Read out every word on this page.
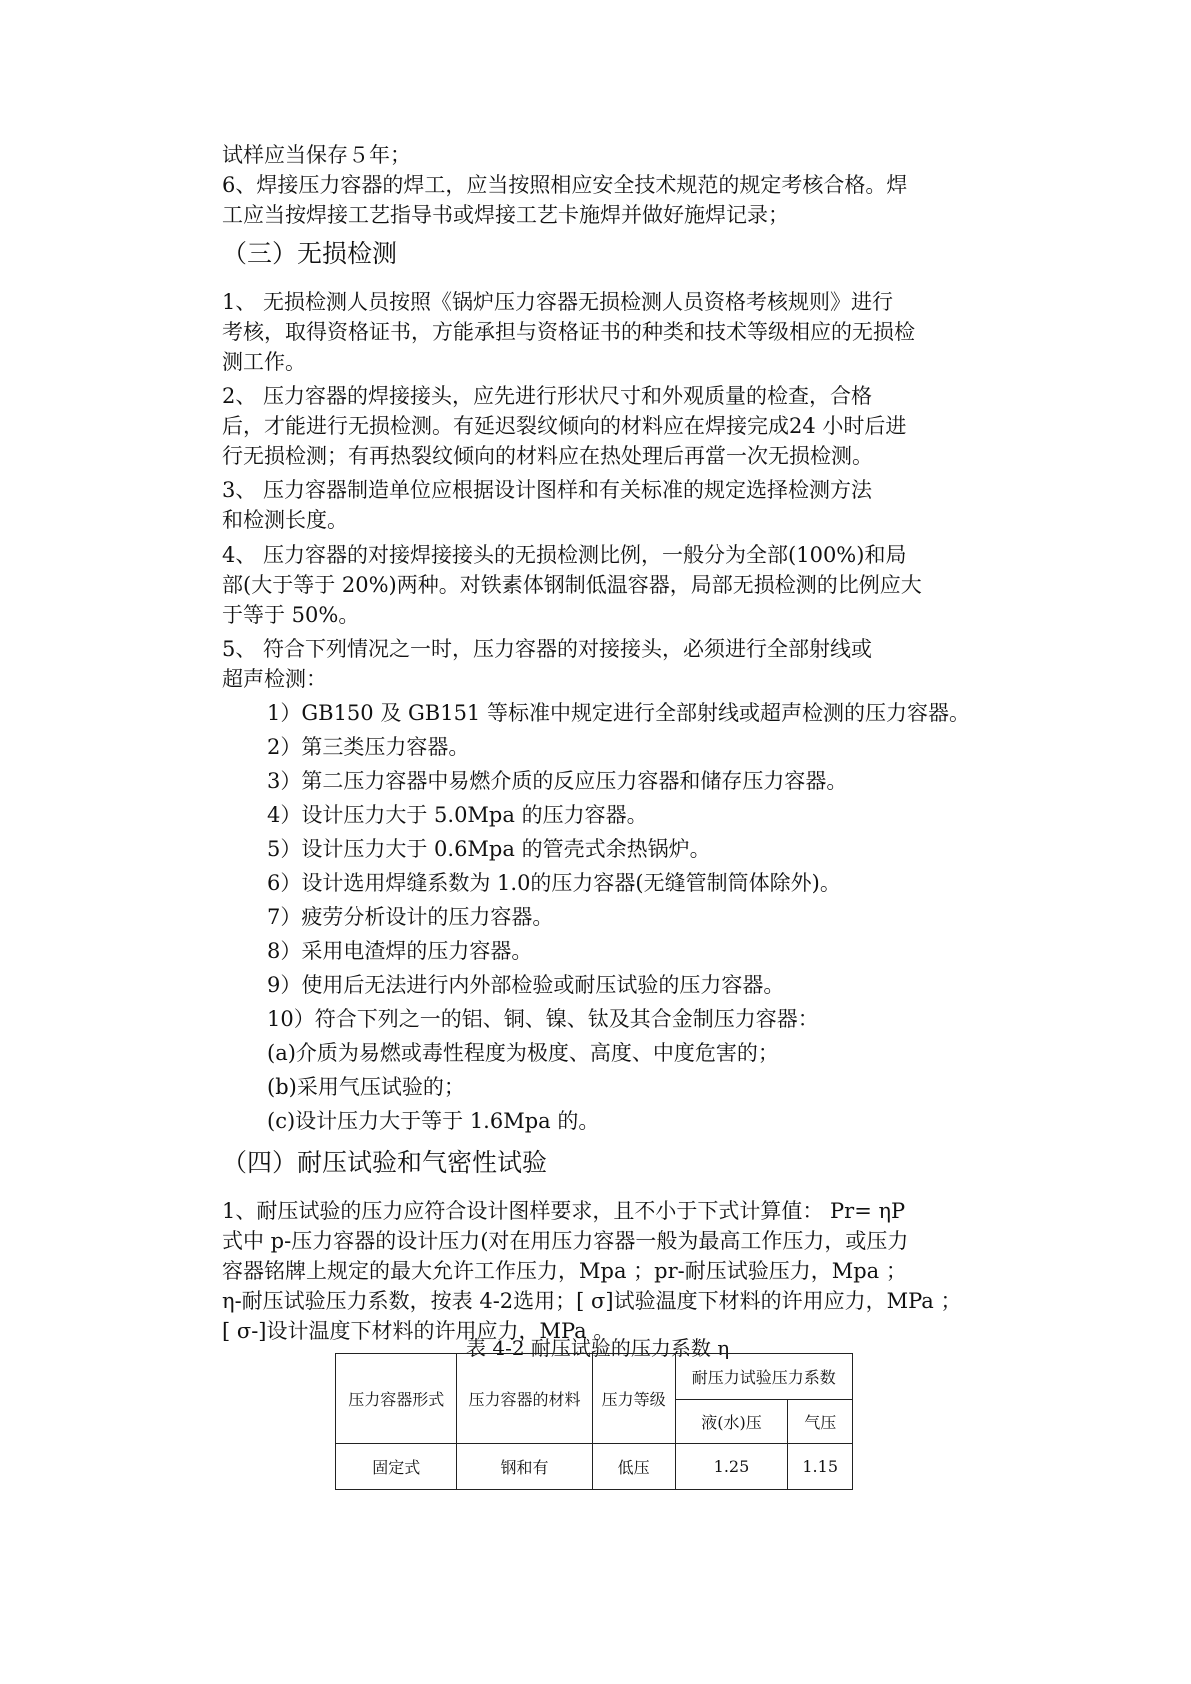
试样应当保存５年；
6、焊接压力容器的焊工，应当按照相应安全技术规范的规定考核合格。焊
工应当按焊接工艺指导书或焊接工艺卡施焊并做好施焊记录；
（三）无损检测
1、 无损检测人员按照《锅炉压力容器无损检测人员资格考核规则》进行
考核，取得资格证书，方能承担与资格证书的种类和技术等级相应的无损检
测工作。
2、 压力容器的焊接接头，应先进行形状尺寸和外观质量的检查，合格
后，才能进行无损检测。有延迟裂纹倾向的材料应在焊接完成24 小时后进
行无损检测；有再热裂纹倾向的材料应在热处理后再當一次无损检测。
3、 压力容器制造单位应根据设计图样和有关标准的规定选择检测方法
和检测长度。
4、 压力容器的对接焊接接头的无损检测比例，一般分为全部(100%)和局
部(大于等于 20%)两种。对铁素体钢制低温容器，局部无损检测的比例应大
于等于 50%。
5、 符合下列情况之一时，压力容器的对接接头，必须进行全部射线或
超声检测：
1）GB150 及 GB151 等标准中规定进行全部射线或超声检测的压力容器。
2）第三类压力容器。
3）第二压力容器中易燃介质的反应压力容器和储存压力容器。
4）设计压力大于 5.0Mpa 的压力容器。
5）设计压力大于 0.6Mpa 的管壳式余热锅炉。
6）设计选用焊缝系数为 1.0的压力容器(无缝管制筒体除外)。
7）疲劳分析设计的压力容器。
8）采用电渣焊的压力容器。
9）使用后无法进行内外部检验或耐压试验的压力容器。
10）符合下列之一的铝、铜、镍、钛及其合金制压力容器：
(a)介质为易燃或毒性程度为极度、高度、中度危害的；
(b)采用气压试验的；
(c)设计压力大于等于 1.6Mpa 的。
（四）耐压试验和气密性试验
1、耐压试验的压力应符合设计图样要求，且不小于下式计算值： Pr= ηP
式中 p-压力容器的设计压力(对在用压力容器一般为最高工作压力，或压力
容器铭牌上规定的最大允许工作压力，Mpa ；pr-耐压试验压力，Mpa ；
η-耐压试验压力系数，按表 4-2选用；[ σ]试验温度下材料的许用应力，MPa ；
[ σ-]设计温度下材料的许用应力，MPa 。
表 4-2 耐压试验的压力系数 η
压力容器形式	压力容器的材料	压力等级	耐压力试验压力系数	
			液(水)压	气压
固定式	钢和有	低压	1.25	1.15
